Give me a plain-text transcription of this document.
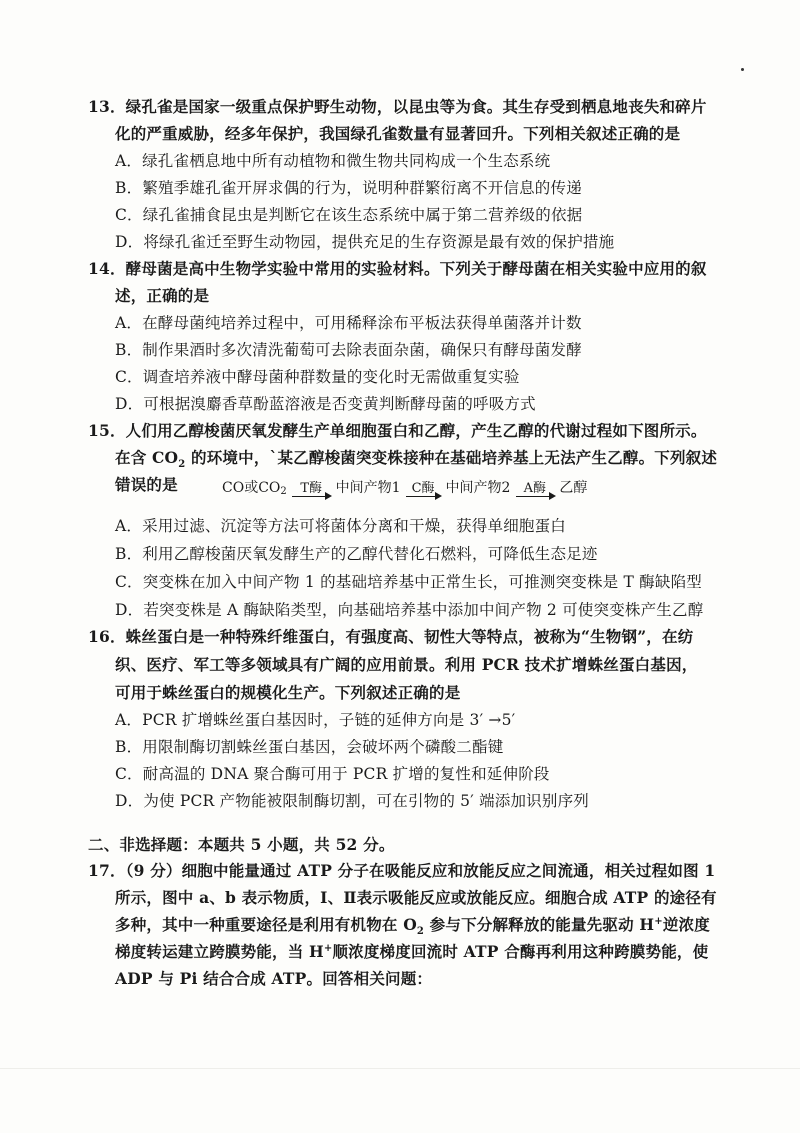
13．绿孔雀是国家一级重点保护野生动物，以昆虫等为食。其生存受到栖息地丧失和碎片
化的严重威胁，经多年保护，我国绿孔雀数量有显著回升。下列相关叙述正确的是
A．绿孔雀栖息地中所有动植物和微生物共同构成一个生态系统
B．繁殖季雄孔雀开屏求偶的行为，说明种群繁衍离不开信息的传递
C．绿孔雀捕食昆虫是判断它在该生态系统中属于第二营养级的依据
D．将绿孔雀迁至野生动物园，提供充足的生存资源是最有效的保护措施
14．酵母菌是高中生物学实验中常用的实验材料。下列关于酵母菌在相关实验中应用的叙
述，正确的是
A．在酵母菌纯培养过程中，可用稀释涂布平板法获得单菌落并计数
B．制作果酒时多次清洗葡萄可去除表面杂菌，确保只有酵母菌发酵
C．调查培养液中酵母菌种群数量的变化时无需做重复实验
D．可根据溴麝香草酚蓝溶液是否变黄判断酵母菌的呼吸方式
15．人们用乙醇梭菌厌氧发酵生产单细胞蛋白和乙醇，产生乙醇的代谢过程如下图所示。
在含 $CO_2$ 的环境中，`某乙醇梭菌突变株接种在基础培养基上无法产生乙醇。下列叙述
错误的是	CO或$CO_2$	T酶 中间产物1 C酶 中间产物2	A酶 乙醇
A．采用过滤、沉淀等方法可将菌体分离和干燥，获得单细胞蛋白
B．利用乙醇梭菌厌氧发酵生产的乙醇代替化石燃料，可降低生态足迹
C．突变株在加入中间产物 1 的基础培养基中正常生长，可推测突变株是 T 酶缺陷型
D．若突变株是 A 酶缺陷类型，向基础培养基中添加中间产物 2 可使突变株产生乙醇
16．蛛丝蛋白是一种特殊纤维蛋白，有强度高、韧性大等特点，被称为“生物钢”，在纺
织、医疗、军工等多领域具有广阔的应用前景。利用 PCR 技术扩增蛛丝蛋白基因，
可用于蛛丝蛋白的规模化生产。下列叙述正确的是
A．PCR 扩增蛛丝蛋白基因时，子链的延伸方向是 3′ →5′
B．用限制酶切割蛛丝蛋白基因，会破坏两个磷酸二酯键
C．耐高温的 DNA 聚合酶可用于 PCR 扩增的复性和延伸阶段
D．为使 PCR 产物能被限制酶切割，可在引物的 5′ 端添加识别序列
二、非选择题：本题共 5 小题，共 52 分。
17．（9 分）细胞中能量通过 ATP 分子在吸能反应和放能反应之间流通，相关过程如图 1
所示，图中 a、b 表示物质，Ⅰ、Ⅱ表示吸能反应或放能反应。细胞合成 ATP 的途径有
多种，其中一种重要途径是利用有机物在 $O_2$ 参与下分解释放的能量先驱动 H+逆浓度
梯度转运建立跨膜势能，当 H+顺浓度梯度回流时 ATP 合酶再利用这种跨膜势能，使
ADP 与 Pi 结合合成 ATP。回答相关问题：
